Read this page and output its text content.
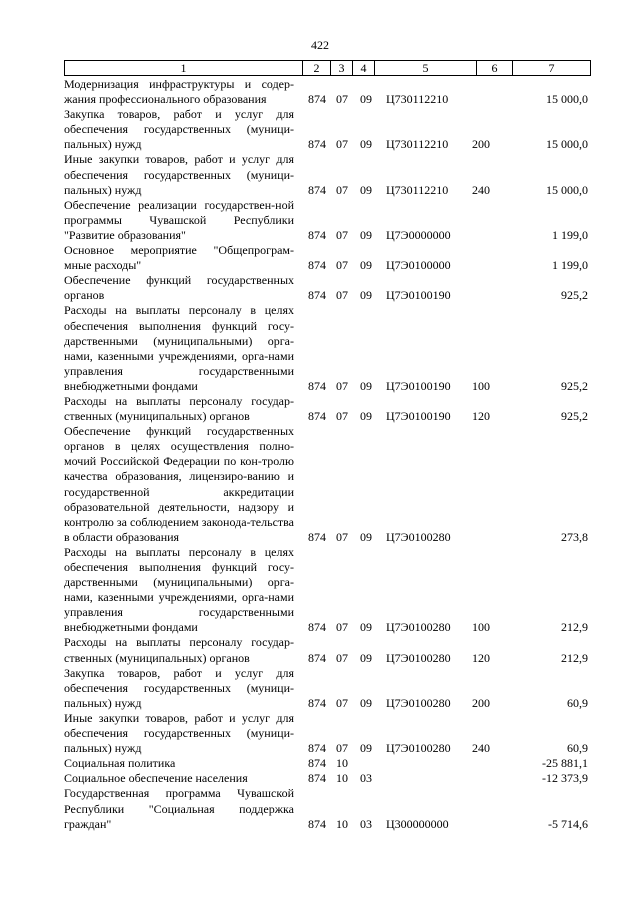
422
1	2	3	4	5	6	7
Модернизация инфраструктуры и содер-жания профессионального образования	874 07 09 Ц730112210	15 000,0
Закупка товаров, работ и услуг для обеспечения государственных (муници-пальных) нужд	874 07 09 Ц730112210 200	15 000,0
Иные закупки товаров, работ и услуг для обеспечения государственных (муници-пальных) нужд	874 07 09 Ц730112210 240	15 000,0
Обеспечение реализации государствен-ной программы Чувашской Республики "Развитие образования"	874 07 09 Ц7Э0000000	1 199,0
Основное мероприятие "Общепрограм-мные расходы"	874 07 09 Ц7Э0100000	1 199,0
Обеспечение функций государственных органов	874 07 09 Ц7Э0100190	925,2
Расходы на выплаты персоналу в целях обеспечения выполнения функций госу-дарственными (муниципальными) орга-нами, казенными учреждениями, орга-нами управления государственными внебюджетными фондами	874 07 09 Ц7Э0100190 100	925,2
Расходы на выплаты персоналу государ-ственных (муниципальных) органов	874 07 09 Ц7Э0100190 120	925,2
Обеспечение функций государственных органов в целях осуществления полно-мочий Российской Федерации по кон-тролю качества образования, лицензиро-ванию и государственной аккредитации образовательной деятельности, надзору и контролю за соблюдением законода-тельства в области образования	874 07 09 Ц7Э0100280	273,8
Расходы на выплаты персоналу в целях обеспечения выполнения функций госу-дарственными (муниципальными) орга-нами, казенными учреждениями, орга-нами управления государственными внебюджетными фондами	874 07 09 Ц7Э0100280 100	212,9
Расходы на выплаты персоналу государ-ственных (муниципальных) органов	874 07 09 Ц7Э0100280 120	212,9
Закупка товаров, работ и услуг для обеспечения государственных (муници-пальных) нужд	874 07 09 Ц7Э0100280 200	60,9
Иные закупки товаров, работ и услуг для обеспечения государственных (муници-пальных) нужд	874 07 09 Ц7Э0100280 240	60,9
Социальная политика	874 10	-25 881,1
Социальное обеспечение населения	874 10 03	-12 373,9
Государственная программа Чувашской Республики "Социальная поддержка граждан"	874 10 03 Ц300000000	-5 714,6
